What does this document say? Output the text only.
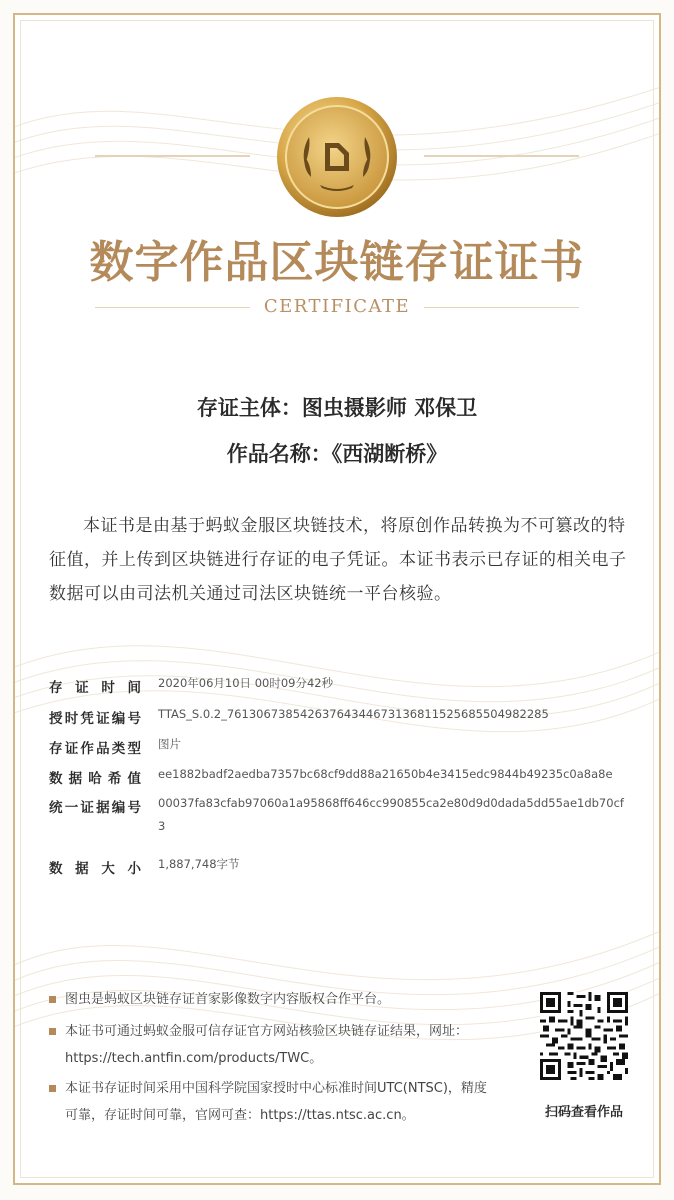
数字作品区块链存证证书
CERTIFICATE
存证主体：图虫摄影师 邓保卫
作品名称：《西湖断桥》
本证书是由基于蚂蚁金服区块链技术，将原创作品转换为不可篡改的特征值，并上传到区块链进行存证的电子凭证。本证书表示已存证的相关电子数据可以由司法机关通过司法区块链统一平台核验。
存证时间 2020年06月10日 00时09分42秒
授时凭证编号 TTAS_S.0.2_76130673854263764344673136811525685504982285
存证作品类型 图片
数据哈希值 ee1882badf2aedba7357bc68cf9dd88a21650b4e3415edc9844b49235c0a8a8e
统一证据编号 00037fa83cfab97060a1a95868ff646cc990855ca2e80d9d0dada5dd55ae1db70cf3
数据大小 1,887,748字节
图虫是蚂蚁区块链存证首家影像数字内容版权合作平台。
本证书可通过蚂蚁金服可信存证官方网站核验区块链存证结果，网址：https://tech.antfin.com/products/TWC。
本证书存证时间采用中国科学院国家授时中心标准时间UTC(NTSC)，精度可靠，存证时间可靠，官网可查：https://ttas.ntsc.ac.cn。	扫码查看作品
